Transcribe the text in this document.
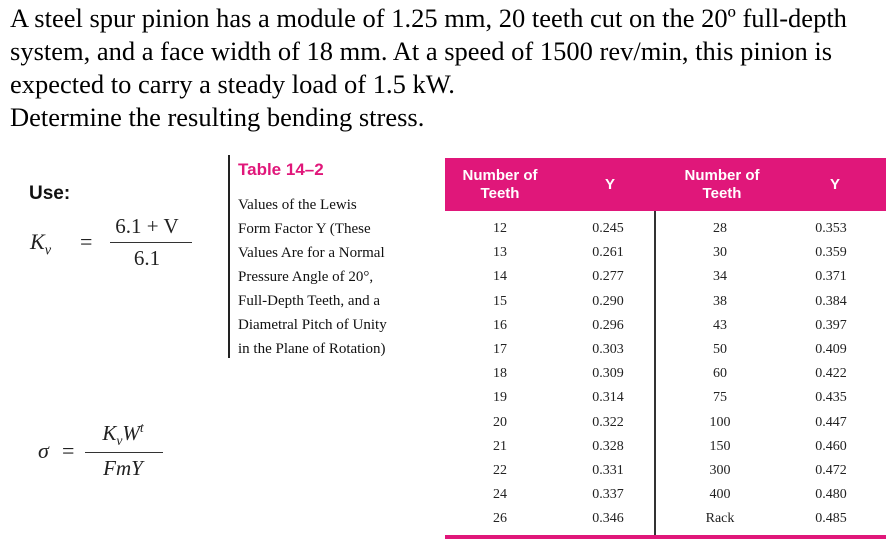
A steel spur pinion has a module of 1.25 mm, 20 teeth cut on the 20º full-depth
system, and a face width of 18 mm. At a speed of 1500 rev/min, this pinion is
expected to carry a steady load of 1.5 kW.
Determine the resulting bending stress.
Use:
$K_v$ =
6.1 + V
6.1
σ =
$K_vW^t$
FmY
Table 14–2
Values of the Lewis
Form Factor Y (These
Values Are for a Normal
Pressure Angle of 20°,
Full-Depth Teeth, and a
Diametral Pitch of Unity
in the Plane of Rotation)
Number of Teeth
Y
Number of Teeth
Y
12
13
14
15
16
17
18
19
20
21
22
24
26
0.245
0.261
0.277
0.290
0.296
0.303
0.309
0.314
0.322
0.328
0.331
0.337
0.346
28
30
34
38
43
50
60
75
100
150
300
400
Rack
0.353
0.359
0.371
0.384
0.397
0.409
0.422
0.435
0.447
0.460
0.472
0.480
0.485
